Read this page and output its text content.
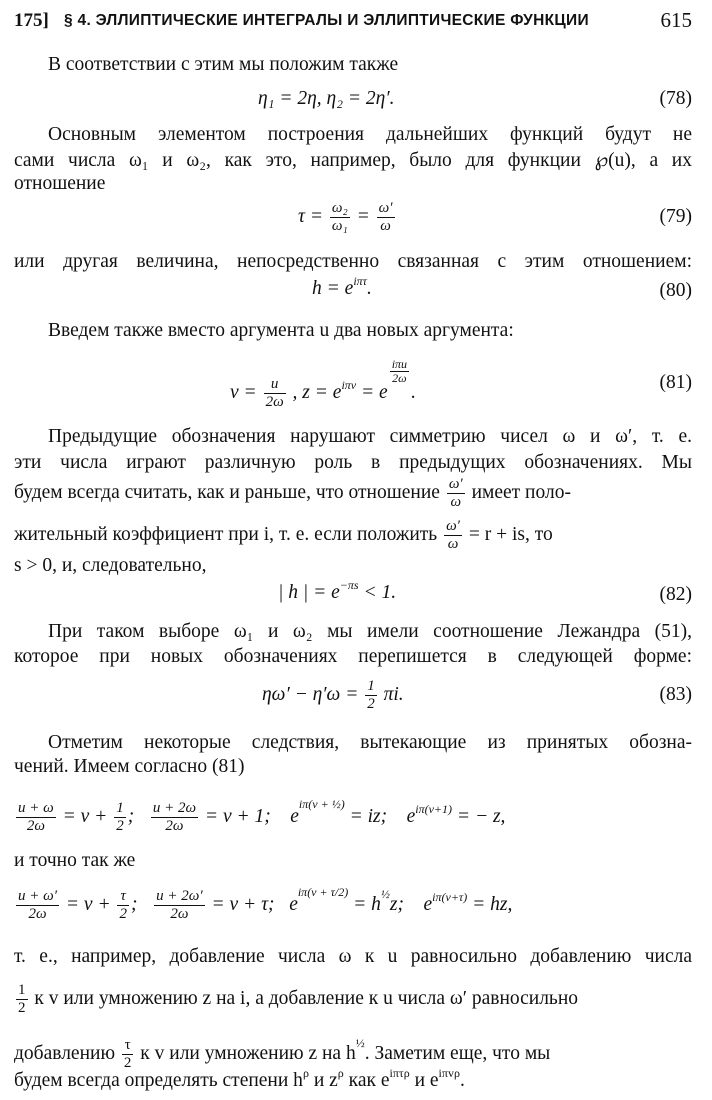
175] § 4. ЭЛЛИПТИЧЕСКИЕ ИНТЕГРАЛЫ И ЭЛЛИПТИЧЕСКИЕ ФУНКЦИИ	615
В соответствии с этим мы положим также
η₁ = 2η, η₂ = 2η′.	(78)
Основным элементом построения дальнейших функций будут не
сами числа ω₁ и ω₂, как это, например, было для функции ℘(u), а их
отношение
$\tau = \frac{\text{ω₂}}{\text{ω₁}} = \frac{\omega'}{\omega}$	(79)
или другая величина, непосредственно связанная с этим отношением:
$h = e^{i\pi\tau}$.	(80)
Введем также вместо аргумента u два новых аргумента:
$v = \frac{u}{2\omega}$ , $z = e^{i\pi v} = e$
$\frac{\text{iπu}}{2\omega}$
.	(81)
Предыдущие обозначения нарушают симметрию чисел ω и ω′, т. е.
эти числа играют различную роль в предыдущих обозначениях. Мы
будем всегда считать, как и раньше, что отношение $\frac{\omega'}{\omega}$ имеет поло-
жительный коэффициент при i, т. е. если положить $\frac{\omega'}{\omega} = r$ + is, то
s > 0, и, следовательно,
| h | = $e^{-\pi s} < 1$.	(82)
При таком выборе ω₁ и ω₂ мы имели соотношение Лежандра (51),
которое при новых обозначениях перепишется в следующей форме:
$\eta\omega' - \eta'\omega = \frac{1}{2} \pi i$.	(83)
Отметим некоторые следствия, вытекающие из принятых обозна-
чений. Имеем согласно (81)
$\frac{u + \omega}{2\omega} = v + \frac{1}{2}$ ; $\frac{u + 2\omega}{2\omega} = v + 1$; $e^{i\pi(v + \frac{1}{2})}$ = iz; $e^{i\pi(v+1)}$ = − z,
и точно так же
$\frac{u + \omega'}{2\omega} = v + \frac{\tau}{2}$ ; $\frac{u + 2\omega'}{2\omega} = v + \tau$; $e^{i\pi(v + \tau/2)} = h^{\frac{1}{2}}z$; $e^{i\pi(v+\tau)}$ = hz,
т. е., например, добавление числа ω к u равносильно добавлению числа
$\frac{1}{2}$ к v или умножению z на i, а добавление к u числа ω′ равносильно
добавлению $\frac{\tau}{2}$ к v или умножению z на $h^{\frac{1}{2}}$. Заметим еще, что мы
будем всегда определять степени $h^\rho$ и $z^\rho$ как $e^{i\pi\tau\rho}$ и $e^{i\pi v\rho}$.
